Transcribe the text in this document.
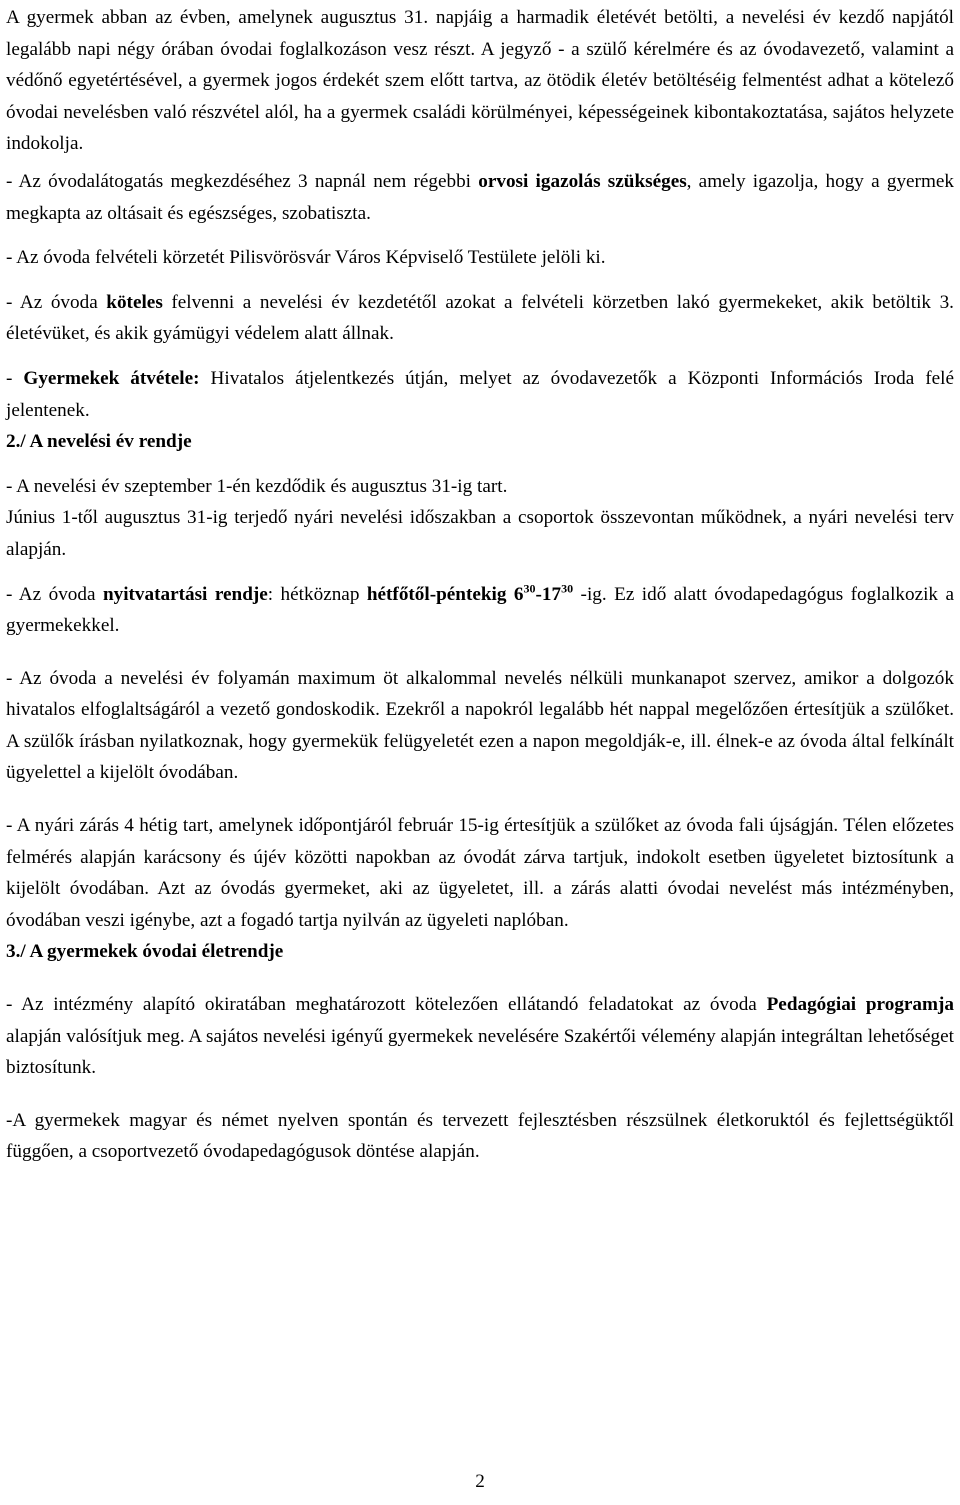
A gyermek abban az évben, amelynek augusztus 31. napjáig a harmadik életévét betölti, a nevelési év kezdő napjától legalább napi négy órában óvodai foglalkozáson vesz részt. A jegyző - a szülő kérelmére és az óvodavezető, valamint a védőnő egyetértésével, a gyermek jogos érdekét szem előtt tartva, az ötödik életév betöltéséig felmentést adhat a kötelező óvodai nevelésben való részvétel alól, ha a gyermek családi körülményei, képességeinek kibontakoztatása, sajátos helyzete indokolja.

- Az óvodalátogatás megkezdéséhez 3 napnál nem régebbi orvosi igazolás szükséges, amely igazolja, hogy a gyermek megkapta az oltásait és egészséges, szobatiszta.

- Az óvoda felvételi körzetét Pilisvörösvár Város Képviselő Testülete jelöli ki.

- Az óvoda köteles felvenni a nevelési év kezdetétől azokat a felvételi körzetben lakó gyermekeket, akik betöltik 3. életévüket, és akik gyámügyi védelem alatt állnak.

- Gyermekek átvétele: Hivatalos átjelentkezés útján, melyet az óvodavezetők a Központi Információs Iroda felé jelentenek.

2./ A nevelési év rendje

- A nevelési év szeptember 1-én kezdődik és augusztus 31-ig tart.

Június 1-től augusztus 31-ig terjedő nyári nevelési időszakban a csoportok összevontan működnek, a nyári nevelési terv alapján.

- Az óvoda nyitvatartási rendje: hétköznap hétfőtől-péntekig $6^{30}-17^{30}$ -ig. Ez idő alatt óvodapedagógus foglalkozik a gyermekekkel.

- Az óvoda a nevelési év folyamán maximum öt alkalommal nevelés nélküli munkanapot szervez, amikor a dolgozók hivatalos elfoglaltságáról a vezető gondoskodik. Ezekről a napokról legalább hét nappal megelőzően értesítjük a szülőket. A szülők írásban nyilatkoznak, hogy gyermekük felügyeletét ezen a napon megoldják-e, ill. élnek-e az óvoda által felkínált ügyelettel a kijelölt óvodában.

- A nyári zárás 4 hétig tart, amelynek időpontjáról február 15-ig értesítjük a szülőket az óvoda fali újságján. Télen előzetes felmérés alapján karácsony és újév közötti napokban az óvodát zárva tartjuk, indokolt esetben ügyeletet biztosítunk a kijelölt óvodában. Azt az óvodás gyermeket, aki az ügyeletet, ill. a zárás alatti óvodai nevelést más intézményben, óvodában veszi igénybe, azt a fogadó tartja nyilván az ügyeleti naplóban.

3./ A gyermekek óvodai életrendje

- Az intézmény alapító okiratában meghatározott kötelezően ellátandó feladatokat az óvoda Pedagógiai programja alapján valósítjuk meg. A sajátos nevelési igényű gyermekek nevelésére Szakértői vélemény alapján integráltan lehetőséget biztosítunk.

-A gyermekek magyar és német nyelven spontán és tervezett fejlesztésben részsülnek életkoruktól és fejlettségüktől függően, a csoportvezető óvodapedagógusok döntése alapján.

2
